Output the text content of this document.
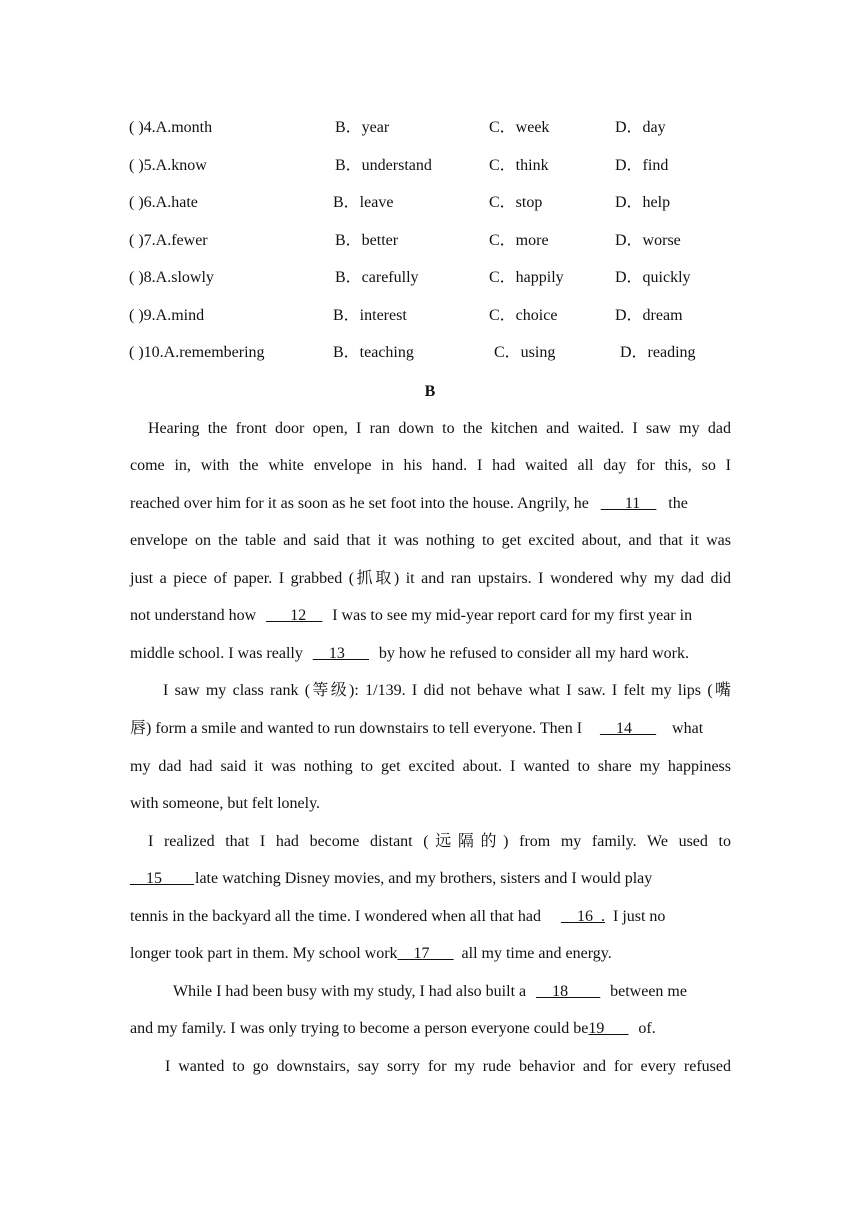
( )4.A.month	B．year	C．week	D．day
( )5.A.know	B．understand	C．think	D．find
( )6.A.hate	B．leave	C．stop	D．help
( )7.A.fewer	B．better	C．more	D．worse
( )8.A.slowly	B．carefully	C．happily	D．quickly
( )9.A.mind	B．interest	C．choice	D．dream
( )10.A.remembering	B．teaching	C．using	D．reading
B
Hearing the front door open, I ran down to the kitchen and waited. I saw my dad
come in, with the white envelope in his hand. I had waited all day for this, so I
reached over him for it as soon as he set foot into the house. Angrily, he ___11__ the
envelope on the table and said that it was nothing to get excited about, and that it was
just a piece of paper. I grabbed (抓取) it and ran upstairs. I wondered why my dad did
not understand how ___12__ I was to see my mid-year report card for my first year in
middle school. I was really __13___ by how he refused to consider all my hard work.
I saw my class rank (等级): 1/139. I did not behave what I saw. I felt my lips (嘴
唇) form a smile and wanted to run downstairs to tell everyone. Then I __14___ what
my dad had said it was nothing to get excited about. I wanted to share my happiness
with someone, but felt lonely.
I realized that I had become distant (远隔的) from my family. We used to
__15____late watching Disney movies, and my brothers, sisters and I would play
tennis in the backyard all the time. I wondered when all that had __16_. I just no
longer took part in them. My school work__17___ all my time and energy.
While I had been busy with my study, I had also built a __18____ between me
and my family. I was only trying to become a person everyone could be19___ of.
I wanted to go downstairs, say sorry for my rude behavior and for every refused
